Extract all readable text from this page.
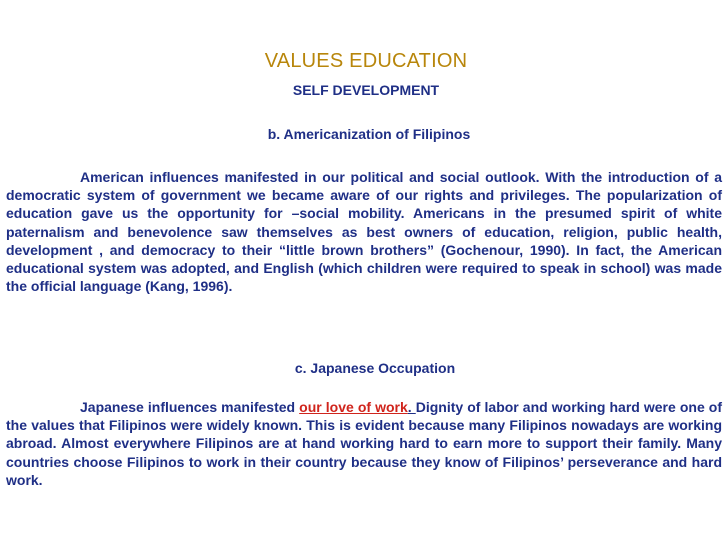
VALUES EDUCATION
SELF DEVELOPMENT
b. Americanization of Filipinos

American influences manifested in our political and social outlook. With the introduction of a democratic system of government we became aware of our rights and privileges. The popularization of education gave us the opportunity for –social mobility. Americans in the presumed spirit of white paternalism and benevolence saw themselves as best owners of education, religion, public health, development , and democracy to their “little brown brothers” (Gochenour, 1990). In fact, the American educational system was adopted, and English (which children were required to speak in school) was made the official language (Kang, 1996).

c. Japanese Occupation

Japanese influences manifested our love of work. Dignity of labor and working hard were one of the values that Filipinos were widely known. This is evident because many Filipinos nowadays are working abroad. Almost everywhere Filipinos are at hand working hard to earn more to support their family. Many countries choose Filipinos to work in their country because they know of Filipinos’ perseverance and hard work.
